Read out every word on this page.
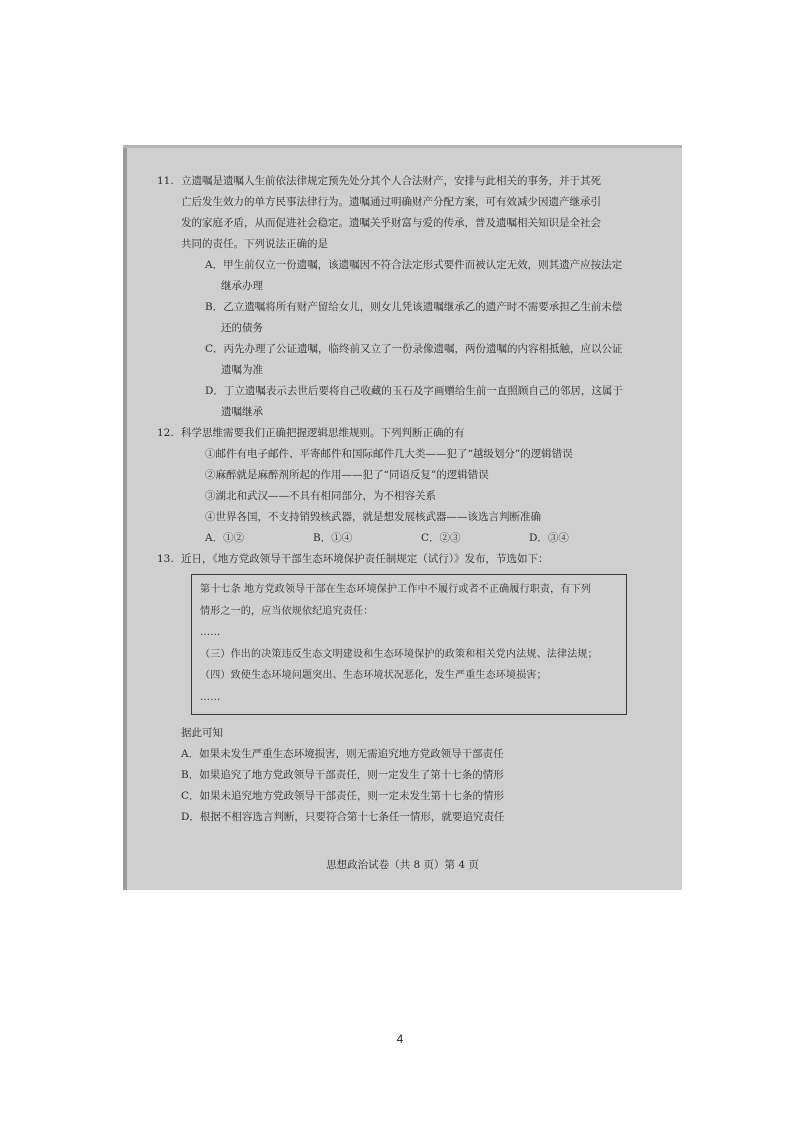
11. 立遗嘱是遗嘱人生前依法律规定预先处分其个人合法财产，安排与此相关的事务，并于其死
亡后发生效力的单方民事法律行为。遗嘱通过明确财产分配方案，可有效减少因遗产继承引
发的家庭矛盾，从而促进社会稳定。遗嘱关乎财富与爱的传承，普及遗嘱相关知识是全社会
共同的责任。下列说法正确的是
A．甲生前仅立一份遗嘱，该遗嘱因不符合法定形式要件而被认定无效，则其遗产应按法定
继承办理
B．乙立遗嘱将所有财产留给女儿，则女儿凭该遗嘱继承乙的遗产时不需要承担乙生前未偿
还的债务
C．丙先办理了公证遗嘱，临终前又立了一份录像遗嘱，两份遗嘱的内容相抵触，应以公证
遗嘱为准
D．丁立遗嘱表示去世后要将自己收藏的玉石及字画赠给生前一直照顾自己的邻居，这属于
遗嘱继承
12. 科学思维需要我们正确把握逻辑思维规则。下列判断正确的有
①邮件有电子邮件、平寄邮件和国际邮件几大类——犯了“越级划分”的逻辑错误
②麻醉就是麻醉剂所起的作用——犯了“同语反复”的逻辑错误
③湖北和武汉——不具有相同部分，为不相容关系
④世界各国，不支持销毁核武器，就是想发展核武器——该选言判断准确
A．①②	B．①④	C．②③	D．③④
13. 近日，《地方党政领导干部生态环境保护责任制规定（试行）》发布，节选如下：
第十七条 地方党政领导干部在生态环境保护工作中不履行或者不正确履行职责，有下列
情形之一的，应当依规依纪追究责任：
……
（三）作出的决策违反生态文明建设和生态环境保护的政策和相关党内法规、法律法规；
（四）致使生态环境问题突出、生态环境状况恶化，发生严重生态环境损害；
……
据此可知
A．如果未发生严重生态环境损害，则无需追究地方党政领导干部责任
B．如果追究了地方党政领导干部责任，则一定发生了第十七条的情形
C．如果未追究地方党政领导干部责任，则一定未发生第十七条的情形
D．根据不相容选言判断，只要符合第十七条任一情形，就要追究责任
思想政治试卷（共 8 页）第 4 页
4
